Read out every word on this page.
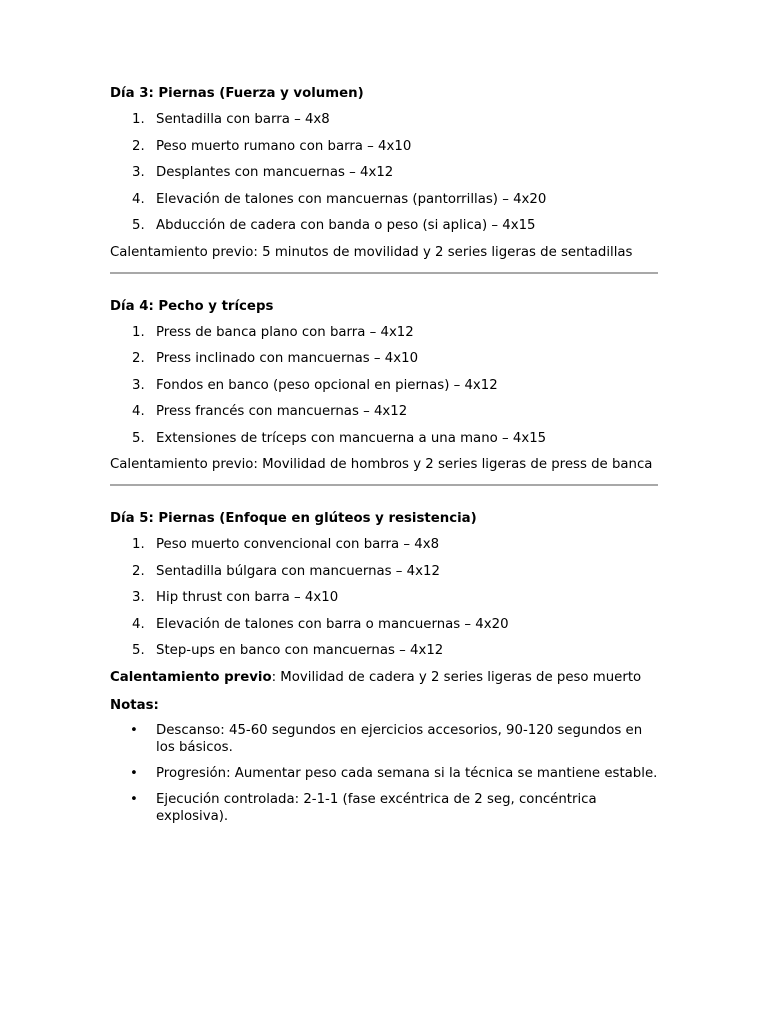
Día 3: Piernas (Fuerza y volumen)
1. Sentadilla con barra – 4x8
2. Peso muerto rumano con barra – 4x10
3. Desplantes con mancuernas – 4x12
4. Elevación de talones con mancuernas (pantorrillas) – 4x20
5. Abducción de cadera con banda o peso (si aplica) – 4x15
Calentamiento previo: 5 minutos de movilidad y 2 series ligeras de sentadillas
Día 4: Pecho y tríceps
1. Press de banca plano con barra – 4x12
2. Press inclinado con mancuernas – 4x10
3. Fondos en banco (peso opcional en piernas) – 4x12
4. Press francés con mancuernas – 4x12
5. Extensiones de tríceps con mancuerna a una mano – 4x15
Calentamiento previo: Movilidad de hombros y 2 series ligeras de press de banca
Día 5: Piernas (Enfoque en glúteos y resistencia)
1. Peso muerto convencional con barra – 4x8
2. Sentadilla búlgara con mancuernas – 4x12
3. Hip thrust con barra – 4x10
4. Elevación de talones con barra o mancuernas – 4x20
5. Step-ups en banco con mancuernas – 4x12
Calentamiento previo: Movilidad de cadera y 2 series ligeras de peso muerto
Notas:
• Descanso: 45-60 segundos en ejercicios accesorios, 90-120 segundos en los básicos.
• Progresión: Aumentar peso cada semana si la técnica se mantiene estable.
• Ejecución controlada: 2-1-1 (fase excéntrica de 2 seg, concéntrica explosiva).
